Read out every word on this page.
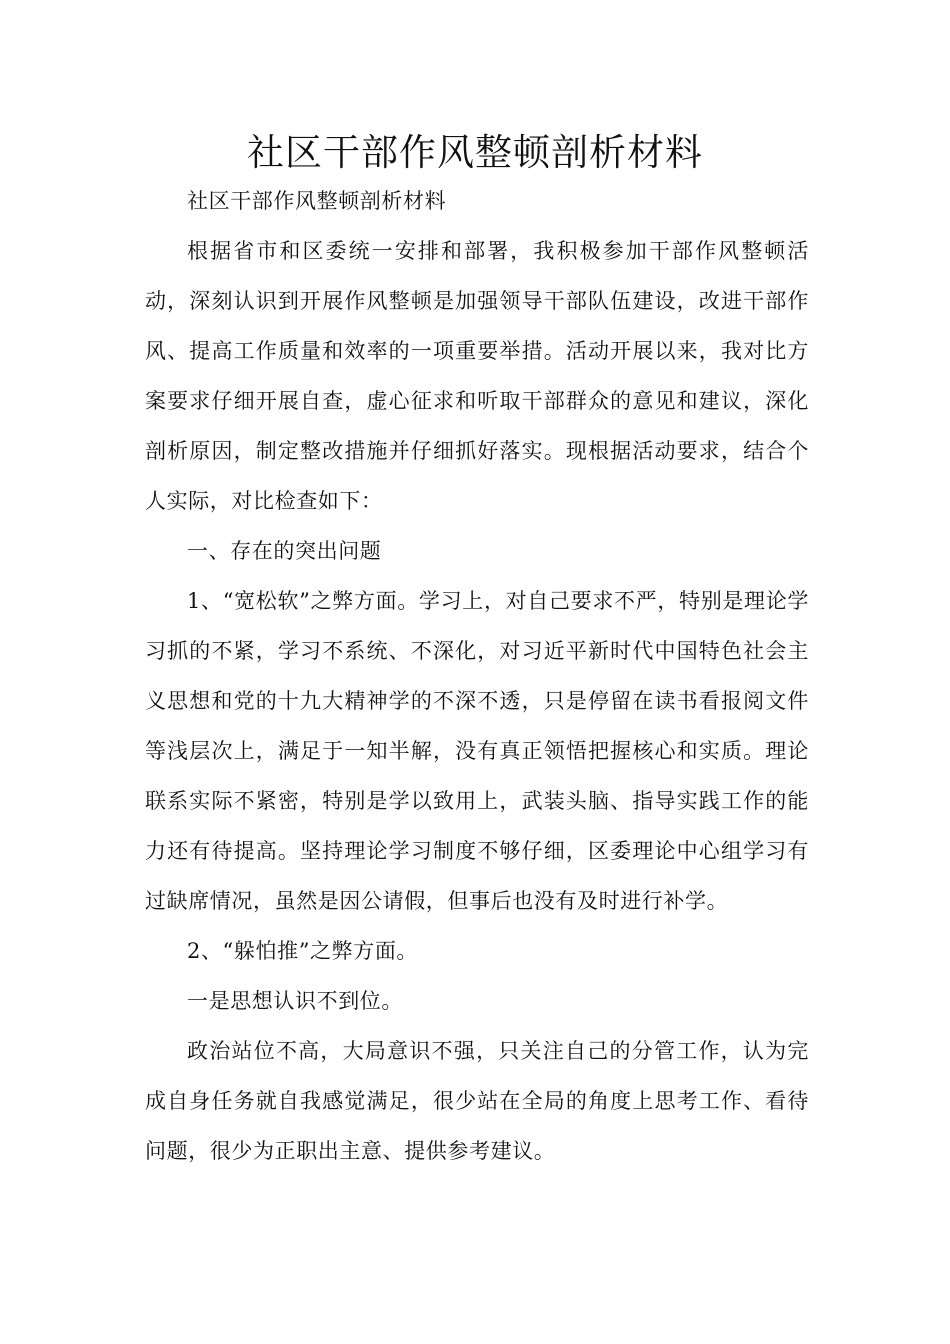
社区干部作风整顿剖析材料

社区干部作风整顿剖析材料

根据省市和区委统一安排和部署，我积极参加干部作风整顿活动，深刻认识到开展作风整顿是加强领导干部队伍建设，改进干部作风、提高工作质量和效率的一项重要举措。活动开展以来，我对比方案要求仔细开展自查，虚心征求和听取干部群众的意见和建议，深化剖析原因，制定整改措施并仔细抓好落实。现根据活动要求，结合个人实际，对比检查如下：

一、存在的突出问题

1、“宽松软”之弊方面。学习上，对自己要求不严，特别是理论学习抓的不紧，学习不系统、不深化，对习近平新时代中国特色社会主义思想和党的十九大精神学的不深不透，只是停留在读书看报阅文件等浅层次上，满足于一知半解，没有真正领悟把握核心和实质。理论联系实际不紧密，特别是学以致用上，武装头脑、指导实践工作的能力还有待提高。坚持理论学习制度不够仔细，区委理论中心组学习有过缺席情况，虽然是因公请假，但事后也没有及时进行补学。

2、“躲怕推”之弊方面。

一是思想认识不到位。

政治站位不高，大局意识不强，只关注自己的分管工作，认为完成自身任务就自我感觉满足，很少站在全局的角度上思考工作、看待问题，很少为正职出主意、提供参考建议。
